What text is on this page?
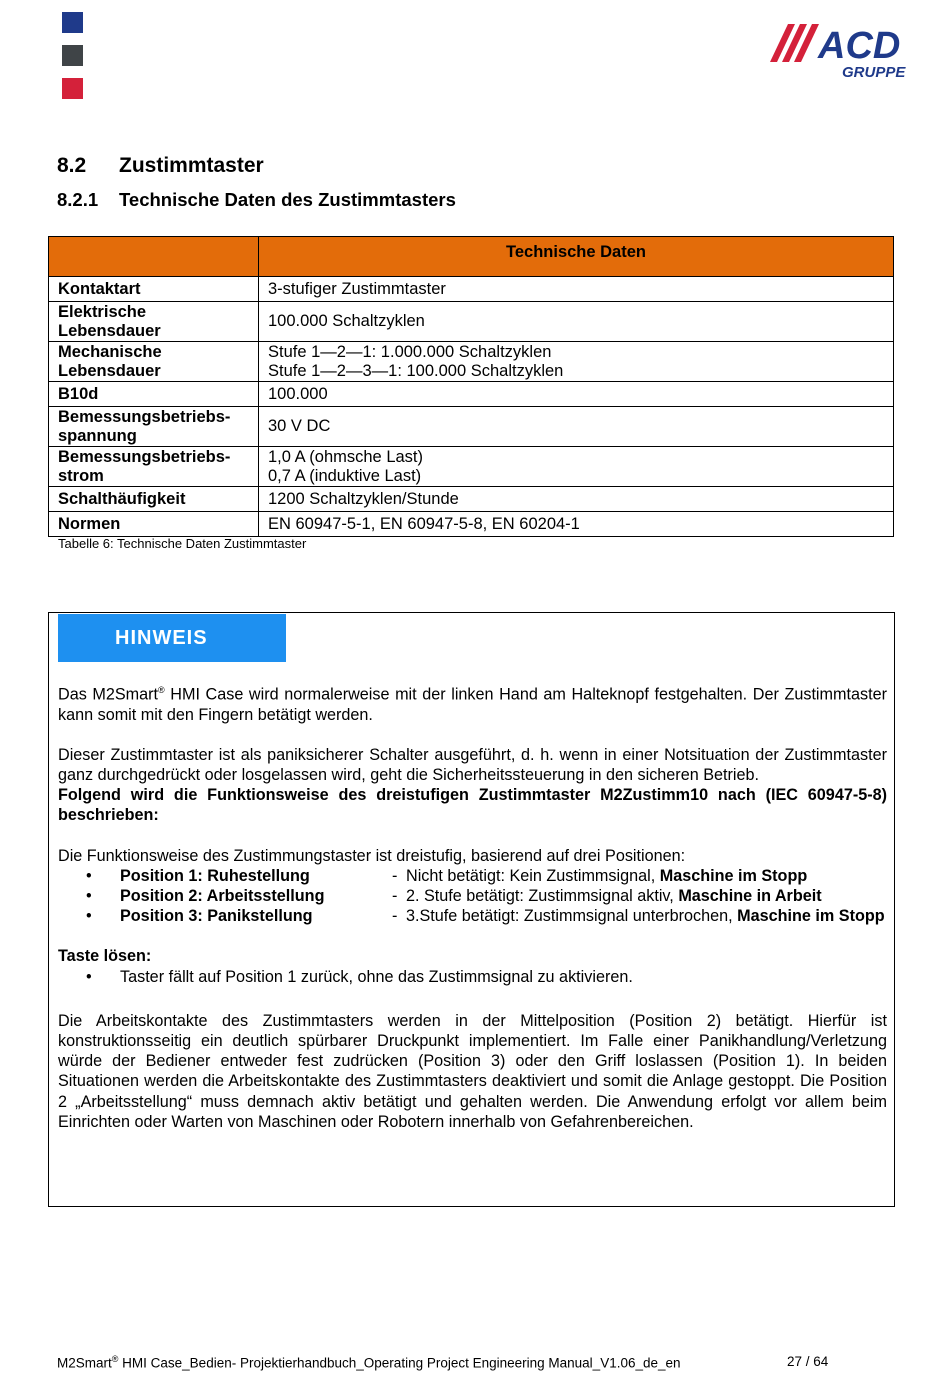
ACD
GRUPPE
8.2 Zustimmtaster
8.2.1 Technische Daten des Zustimmtasters
	Technische Daten
Kontaktart	3-stufiger Zustimmtaster
Elektrische Lebensdauer	100.000 Schaltzyklen
Mechanische Lebensdauer	Stufe 1—2—1: 1.000.000 Schaltzyklen
Stufe 1—2—3—1: 100.000 Schaltzyklen
B10d	100.000
Bemessungsbetriebs-spannung	30 V DC
Bemessungsbetriebs-strom	1,0 A (ohmsche Last)
0,7 A (induktive Last)
Schalthäufigkeit	1200 Schaltzyklen/Stunde
Normen	EN 60947-5-1, EN 60947-5-8, EN 60204-1
Tabelle 6: Technische Daten Zustimmtaster
HINWEIS

Das M2Smart® HMI Case wird normalerweise mit der linken Hand am Halteknopf festgehalten. Der Zustimmtaster kann somit mit den Fingern betätigt werden.

Dieser Zustimmtaster ist als paniksicherer Schalter ausgeführt, d. h. wenn in einer Notsituation der Zustimmtaster ganz durchgedrückt oder losgelassen wird, geht die Sicherheitssteuerung in den sicheren Betrieb.

Folgend wird die Funktionsweise des dreistufigen Zustimmtaster M2Zustimm10 nach (IEC 60947-5-8) beschrieben:

Die Funktionsweise des Zustimmungstaster ist dreistufig, basierend auf drei Positionen:

•	Position 1: Ruhestellung	- Nicht betätigt: Kein Zustimmsignal, Maschine im Stopp
•	Position 2: Arbeitsstellung	- 2. Stufe betätigt: Zustimmsignal aktiv, Maschine in Arbeit
•	Position 3: Panikstellung	- 3.Stufe betätigt: Zustimmsignal unterbrochen, Maschine im Stopp

Taste lösen:

•	Taster fällt auf Position 1 zurück, ohne das Zustimmsignal zu aktivieren.

Die Arbeitskontakte des Zustimmtasters werden in der Mittelposition (Position 2) betätigt. Hierfür ist konstruktionsseitig ein deutlich spürbarer Druckpunkt implementiert. Im Falle einer Panikhandlung/Verletzung würde der Bediener entweder fest zudrücken (Position 3) oder den Griff loslassen (Position 1). In beiden Situationen werden die Arbeitskontakte des Zustimmtasters deaktiviert und somit die Anlage gestoppt. Die Position 2 „Arbeitsstellung“ muss demnach aktiv betätigt und gehalten werden. Die Anwendung erfolgt vor allem beim Einrichten oder Warten von Maschinen oder Robotern innerhalb von Gefahrenbereichen.

M2Smart® HMI Case_Bedien- Projektierhandbuch_Operating Project Engineering Manual_V1.06_de_en	27 / 64
